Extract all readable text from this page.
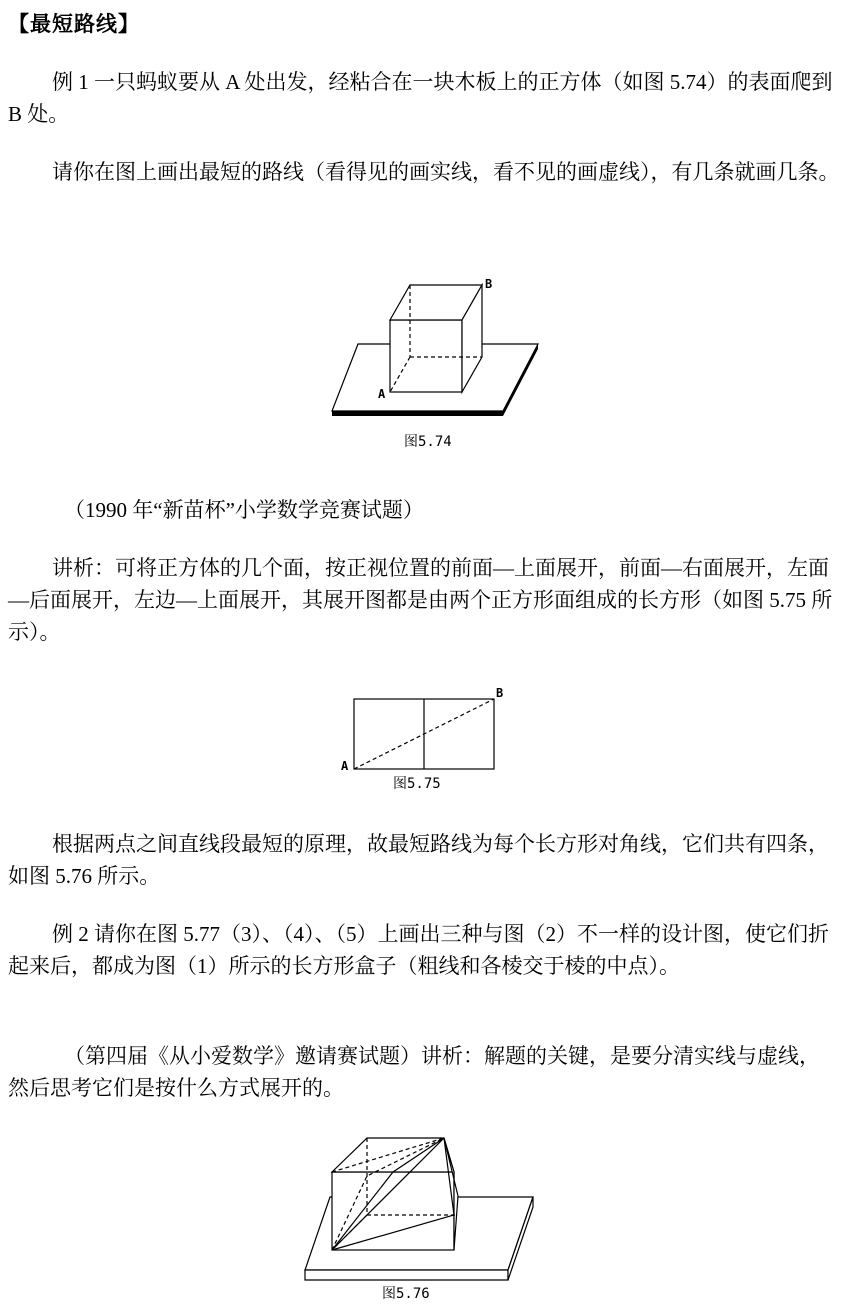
【最短路线】

例 1 一只蚂蚁要从 A 处出发，经粘合在一块木板上的正方体（如图 5.74）的表面爬到 B 处。

请你在图上画出最短的路线（看得见的画实线，看不见的画虚线），有几条就画几条。

A
B
图5.74

（1990 年“新苗杯”小学数学竞赛试题）

讲析：可将正方体的几个面，按正视位置的前面—上面展开，前面—右面展开，左面—后面展开，左边—上面展开，其展开图都是由两个正方形面组成的长方形（如图 5.75 所示）。

A
B
图5.75

根据两点之间直线段最短的原理，故最短路线为每个长方形对角线，它们共有四条，如图 5.76 所示。

例 2 请你在图 5.77（3）、（4）、（5）上画出三种与图（2）不一样的设计图，使它们折起来后，都成为图（1）所示的长方形盒子（粗线和各棱交于棱的中点）。

（第四届《从小爱数学》邀请赛试题）讲析：解题的关键，是要分清实线与虚线，然后思考它们是按什么方式展开的。

图5.76
